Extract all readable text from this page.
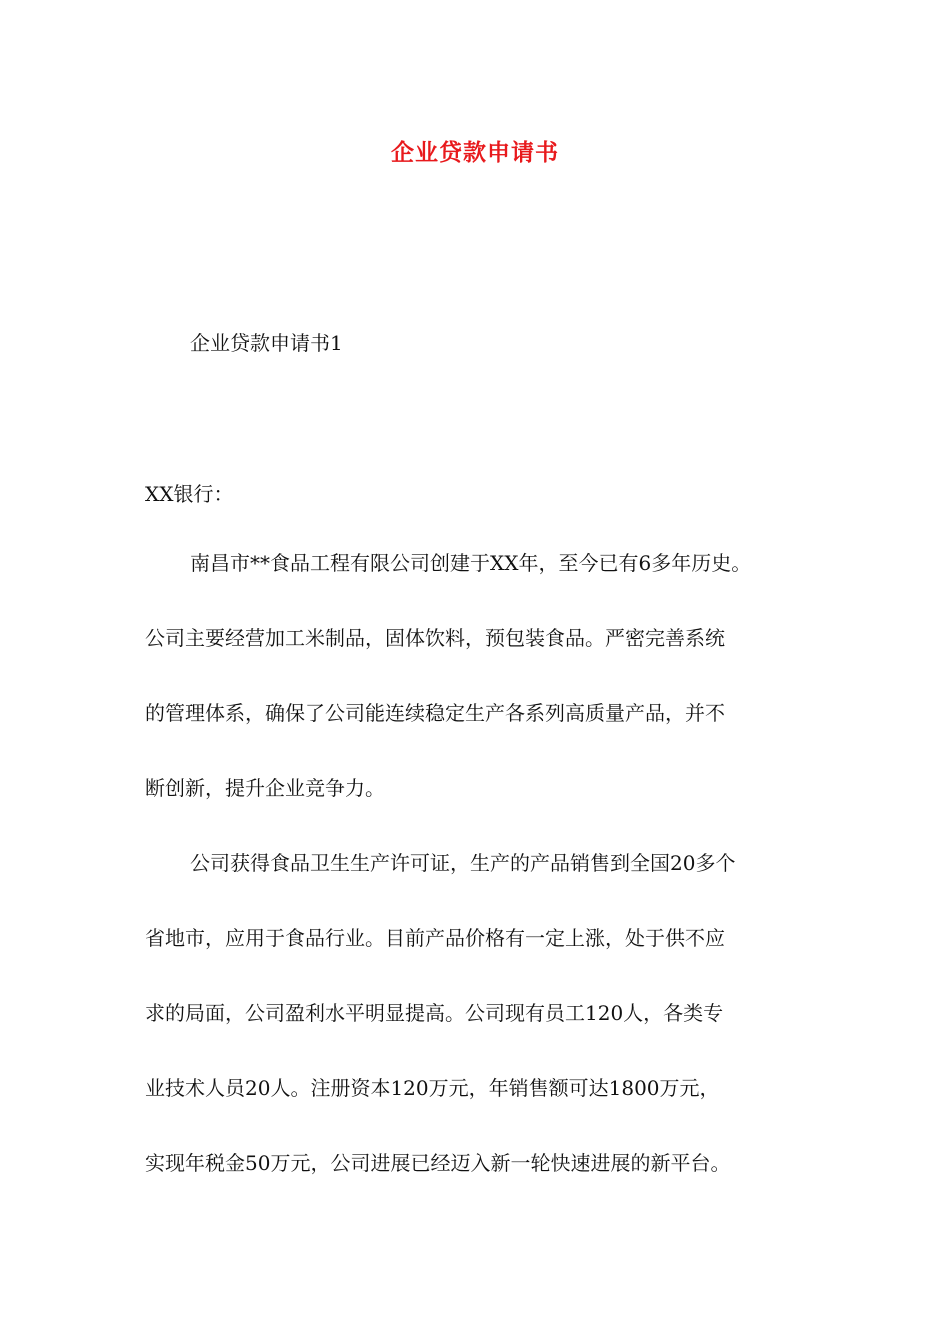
企业贷款申请书

企业贷款申请书1

XX银行：

南昌市**食品工程有限公司创建于XX年，至今已有6多年历史。
公司主要经营加工米制品，固体饮料，预包装食品。严密完善系统
的管理体系，确保了公司能连续稳定生产各系列高质量产品，并不
断创新，提升企业竞争力。
公司获得食品卫生生产许可证，生产的产品销售到全国20多个
省地市，应用于食品行业。目前产品价格有一定上涨，处于供不应
求的局面，公司盈利水平明显提高。公司现有员工120人，各类专
业技术人员20人。注册资本120万元，年销售额可达1800万元，
实现年税金50万元，公司进展已经迈入新一轮快速进展的新平台。
